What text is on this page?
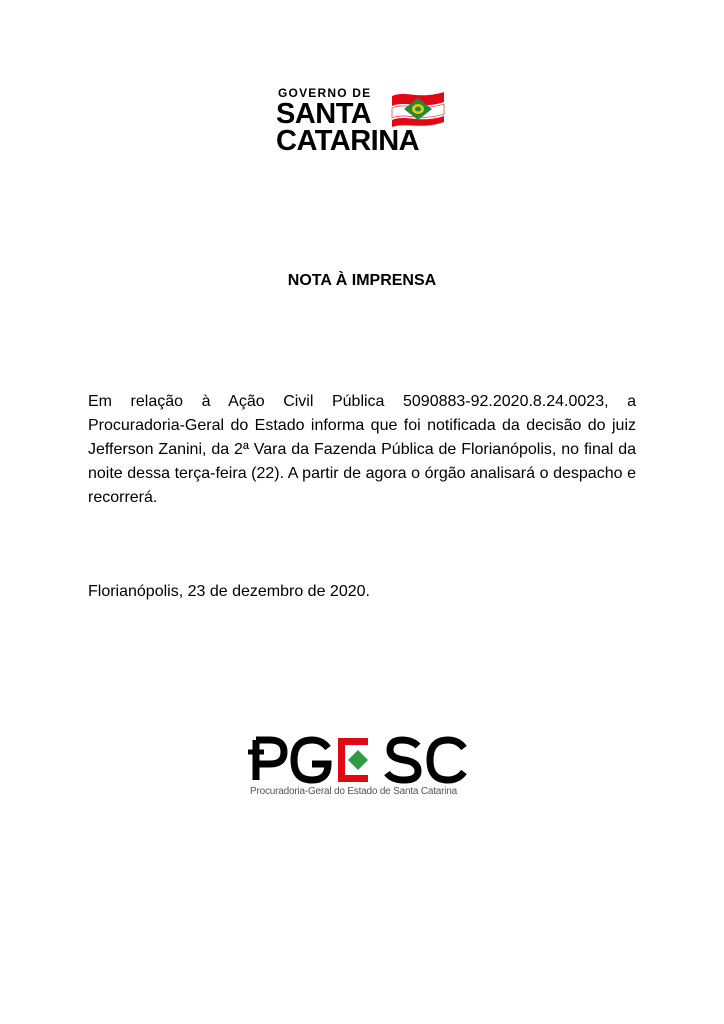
GOVERNO DE
SANTA
CATARINA
NOTA À IMPRENSA

Em relação à Ação Civil Pública 5090883-92.2020.8.24.0023, a Procuradoria-Geral do Estado informa que foi notificada da decisão do juiz Jefferson Zanini, da 2ª Vara da Fazenda Pública de Florianópolis, no final da noite dessa terça-feira (22). A partir de agora o órgão analisará o despacho e recorrerá.

Florianópolis, 23 de dezembro de 2020.
Procuradoria-Geral do Estado de Santa Catarina
